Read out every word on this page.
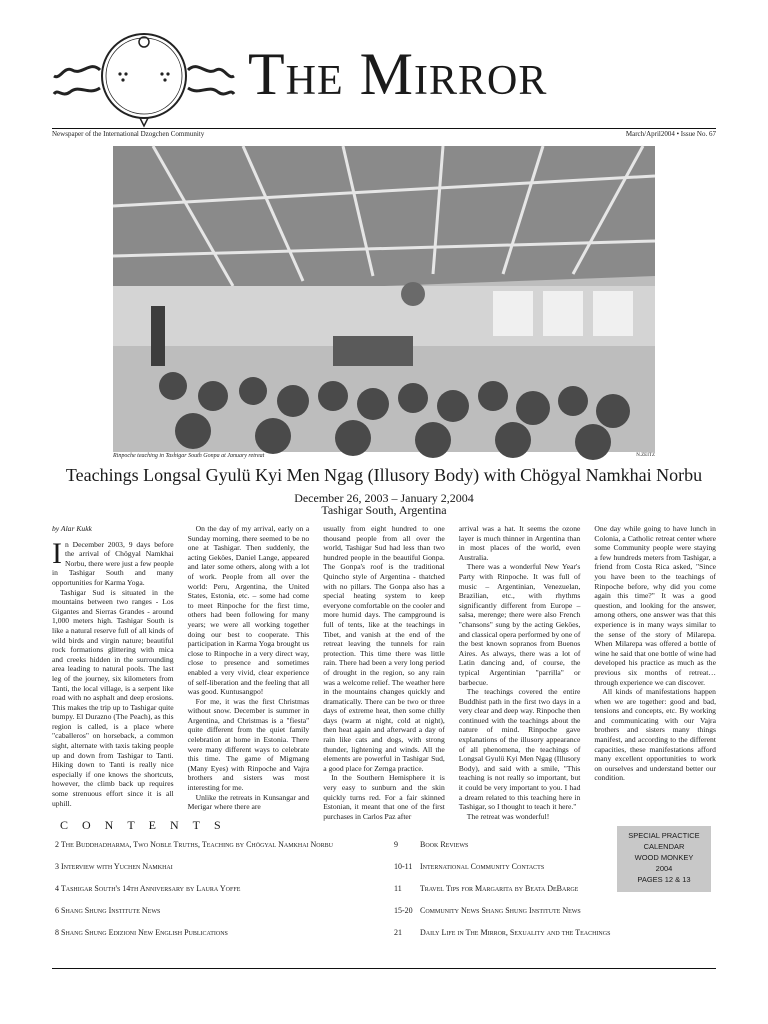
The Mirror
Newspaper of the International Dzogchen Community	March/April2004 • Issue No. 67
Rinpoche teaching in Tashigar South Gonpa at January retreat	N.ZEITZ
Teachings Longsal Gyulü Kyi Men Ngag (Illusory Body) with Chögyal Namkhai Norbu
December 26, 2003 – January 2,2004
Tashigar South, Argentina
by Alar Kukk

In December 2003, 9 days before the arrival of Chögyal Namkhai Norbu, there were just a few people in Tashigar South and many opportunities for Karma Yoga.

Tashigar Sud is situated in the mountains between two ranges - Los Gigantes and Sierras Grandes - around 1,000 meters high. Tashigar South is like a natural reserve full of all kinds of wild birds and virgin nature; beautiful rock formations glittering with mica and creeks hidden in the surrounding area leading to natural pools. The last leg of the journey, six kilometers from Tanti, the local village, is a serpent like road with no asphalt and deep erosions. This makes the trip up to Tashigar quite bumpy. El Durazno (The Peach), as this region is called, is a place where "caballeros" on horseback, a common sight, alternate with taxis taking people up and down from Tashigar to Tanti. Hiking down to Tanti is really nice especially if one knows the shortcuts, however, the climb back up requires some strenuous effort since it is all uphill.

On the day of my arrival, early on a Sunday morning, there seemed to be no one at Tashigar. Then suddenly, the acting Geköes, Daniel Lange, appeared and later some others, along with a lot of work. People from all over the world: Peru, Argentina, the United States, Estonia, etc. – some had come to meet Rinpoche for the first time, others had been following for many years; we were all working together doing our best to cooperate. This participation in Karma Yoga brought us close to Rinpoche in a very direct way, close to presence and sometimes enabled a very vivid, clear experience of self-liberation and the feeling that all was good. Kuntusangpo!

For me, it was the first Christmas without snow. December is summer in Argentina, and Christmas is a "fiesta" quite different from the quiet family celebration at home in Estonia. There were many different ways to celebrate this time. The game of Migmang (Many Eyes) with Rinpoche and Vajra brothers and sisters was most interesting for me.

Unlike the retreats in Kunsangar and Merigar where there are

usually from eight hundred to one thousand people from all over the world, Tashigar Sud had less than two hundred people in the beautiful Gonpa. The Gonpa's roof is the traditional Quincho style of Argentina - thatched with no pillars. The Gonpa also has a special heating system to keep everyone comfortable on the cooler and more humid days. The campground is full of tents, like at the teachings in Tibet, and vanish at the end of the retreat leaving the tunnels for rain protection. This time there was little rain. There had been a very long period of drought in the region, so any rain was a welcome relief. The weather here in the mountains changes quickly and dramatically. There can be two or three days of extreme heat, then some chilly days (warm at night, cold at night), then heat again and afterward a day of rain like cats and dogs, with strong thunder, lightening and winds. All the elements are powerful in Tashigar Sud, a good place for Zernga practice.

In the Southern Hemisphere it is very easy to sunburn and the skin quickly turns red. For a fair skinned Estonian, it meant that one of the first purchases in Carlos Paz after

arrival was a hat. It seems the ozone layer is much thinner in Argentina than in most places of the world, even Australia.

There was a wonderful New Year's Party with Rinpoche. It was full of music – Argentinian, Venezuelan, Brazilian, etc., with rhythms significantly different from Europe – salsa, merenge; there were also French "chansons" sung by the acting Geköes, and classical opera performed by one of the best known sopranos from Buenos Aires. As always, there was a lot of Latin dancing and, of course, the typical Argentinian "parrilla" or barbecue.

The teachings covered the entire Buddhist path in the first two days in a very clear and deep way. Rinpoche then continued with the teachings about the nature of mind. Rinpoche gave explanations of the illusory appearance of all phenomena, the teachings of Longsal Gyulü Kyi Men Ngag (Illusory Body), and said with a smile, "This teaching is not really so important, but it could be very important to you. I had a dream related to this teaching here in Tashigar, so I thought to teach it here."

The retreat was wonderful!

One day while going to have lunch in Colonia, a Catholic retreat center where some Community people were staying a few hundreds meters from Tashigar, a friend from Costa Rica asked, "Since you have been to the teachings of Rinpoche before, why did you come again this time?" It was a good question, and looking for the answer, among others, one answer was that this experience is in many ways similar to the sense of the story of Milarepa. When Milarepa was offered a bottle of wine he said that one bottle of wine had developed his practice as much as the previous six months of retreat… through experience we can discover.

All kinds of manifestations happen when we are together: good and bad, tensions and concepts, etc. By working and communicating with our Vajra brothers and sisters many things manifest, and according to the different capacities, these manifestations afford many excellent opportunities to work on ourselves and understand better our condition.

SPECIAL PRACTICE
CALENDAR
WOOD MONKEY
2004
PAGES 12 & 13
CONTENTS
2 The Buddhadharma, Two Noble Truths, Teaching by Chögyal Namkhai Norbu
3 Interview with Yuchen Namkhai
4 Tashigar South's 14th Anniversary by Laura Yoffe
6 Shang Shung Institute News
8 Shang Shung Edizioni New English Publications
9	Book Reviews
10-11 International Community Contacts
11 Travel Tips for Margarita by Beata DeBarge
15-20 Community News Shang Shung Institute News
21 Daily Life in The Mirror, Sexuality and the Teachings
